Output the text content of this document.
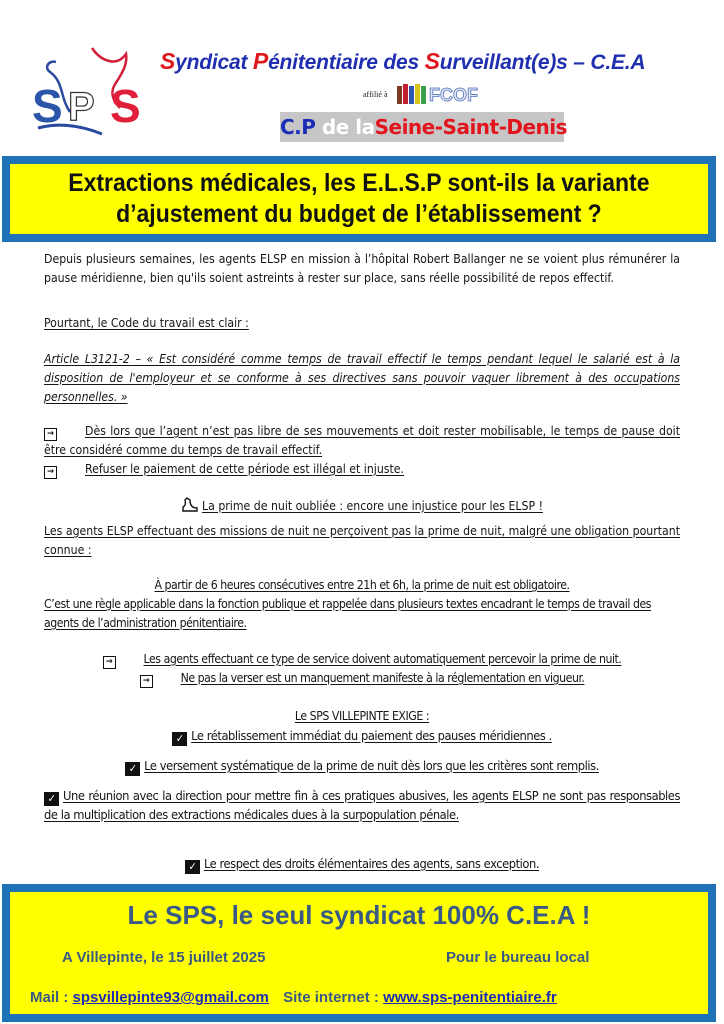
S P S
Syndicat Pénitentiaire des Surveillant(e)s – C.E.A
affilié à FCOF
C.P de laSeine-Saint-Denis
Extractions médicales, les E.L.S.P sont-ils la variante
d’ajustement du budget de l’établissement ?
Depuis plusieurs semaines, les agents ELSP en mission à l’hôpital Robert Ballanger ne se voient plus rémunérer la pause méridienne, bien qu'ils soient astreints à rester sur place, sans réelle possibilité de repos effectif.
Pourtant, le Code du travail est clair :
Article L3121-2 – « Est considéré comme temps de travail effectif le temps pendant lequel le salarié est à la disposition de l'employeur et se conforme à ses directives sans pouvoir vaquer librement à des occupations personnelles. »
→	Dès lors que l’agent n’est pas libre de ses mouvements et doit rester mobilisable, le temps de pause doit être considéré comme du temps de travail effectif.
→	Refuser le paiement de cette période est illégal et injuste.
La prime de nuit oubliée : encore une injustice pour les ELSP !
Les agents ELSP effectuant des missions de nuit ne perçoivent pas la prime de nuit, malgré une obligation pourtant connue :
À partir de 6 heures consécutives entre 21h et 6h, la prime de nuit est obligatoire.
C’est une règle applicable dans la fonction publique et rappelée dans plusieurs textes encadrant le temps de travail des agents de l’administration pénitentiaire.
→	Les agents effectuant ce type de service doivent automatiquement percevoir la prime de nuit.
→	Ne pas la verser est un manquement manifeste à la réglementation en vigueur.
Le SPS VILLEPINTE EXIGE :
✓ Le rétablissement immédiat du paiement des pauses méridiennes .
✓ Le versement systématique de la prime de nuit dès lors que les critères sont remplis.
✓ Une réunion avec la direction pour mettre fin à ces pratiques abusives, les agents ELSP ne sont pas responsables de la multiplication des extractions médicales dues à la surpopulation pénale.
✓ Le respect des droits élémentaires des agents, sans exception.
Le SPS, le seul syndicat 100% C.E.A !
A Villepinte, le 15 juillet 2025	Pour le bureau local
Mail : spsvillepinte93@gmail.com Site internet : www.sps-penitentiaire.fr
